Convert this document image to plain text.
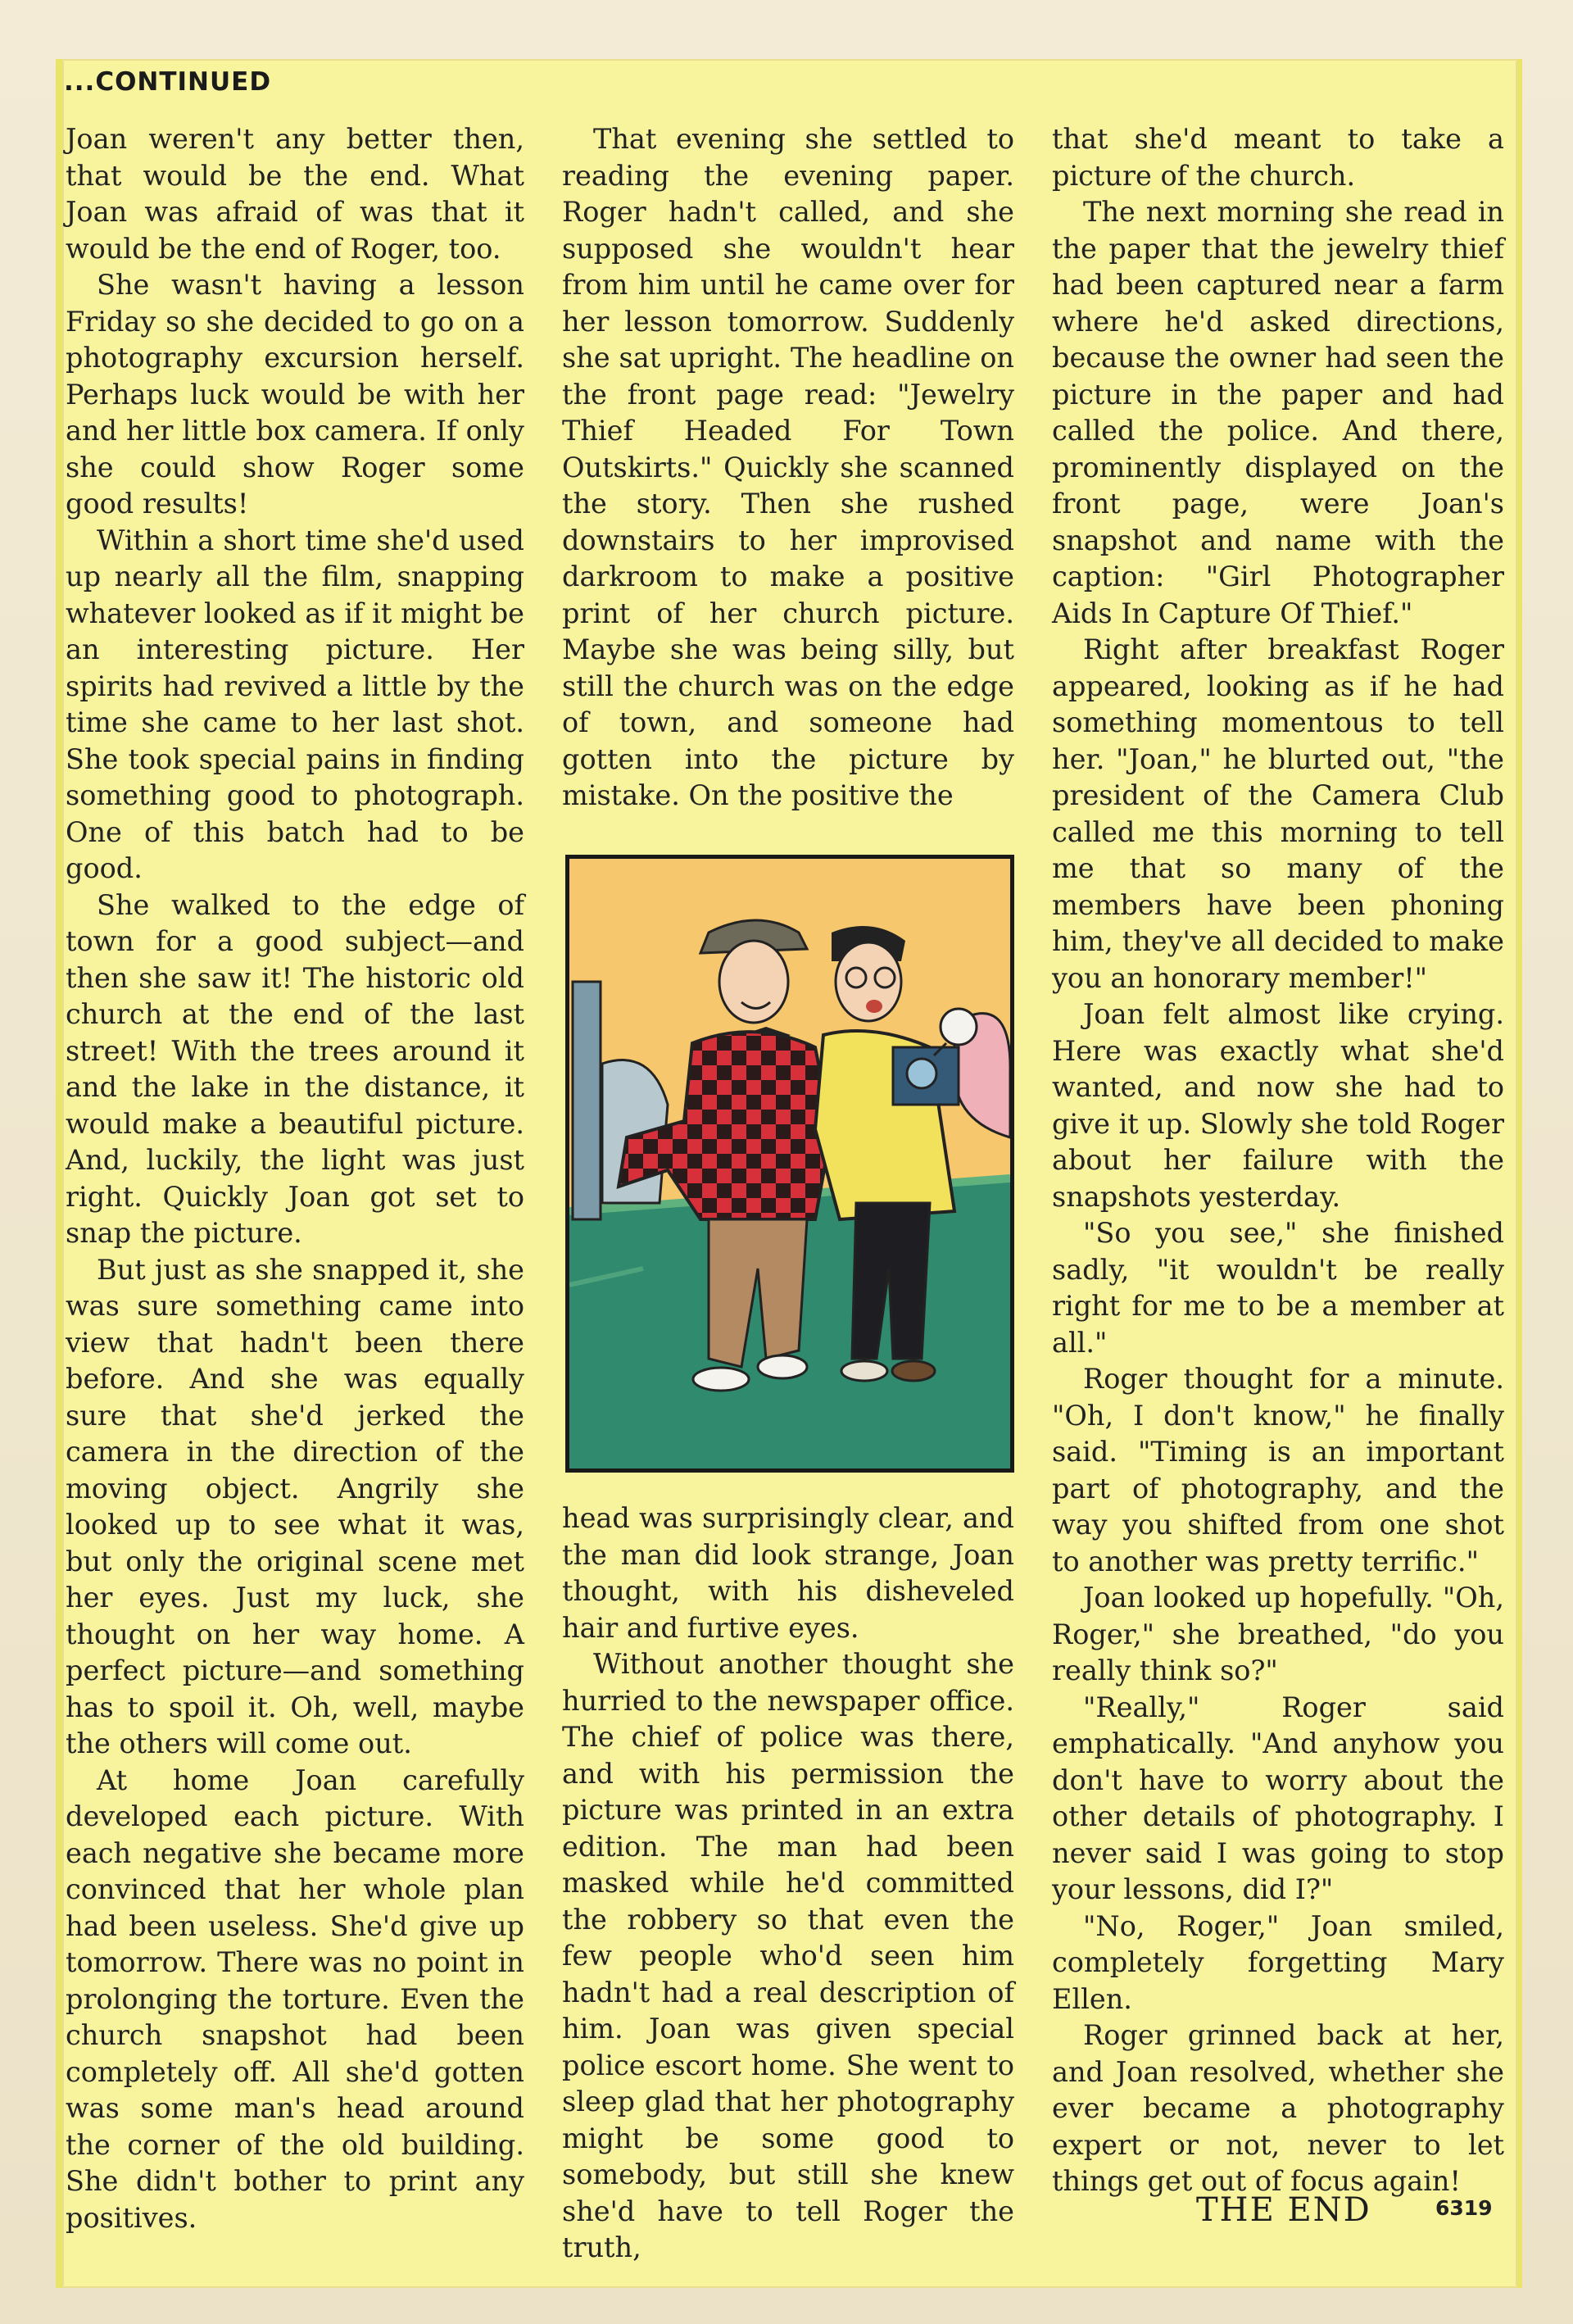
...CONTINUED

Joan weren't any better then, that would be the end. What Joan was afraid of was that it would be the end of Roger, too.

She wasn't having a lesson Friday so she decided to go on a photography excursion herself. Perhaps luck would be with her and her little box camera. If only she could show Roger some good results!

Within a short time she'd used up nearly all the film, snapping whatever looked as if it might be an interesting picture. Her spirits had revived a little by the time she came to her last shot. She took special pains in finding something good to photograph. One of this batch had to be good.

She walked to the edge of town for a good subject—and then she saw it! The historic old church at the end of the last street! With the trees around it and the lake in the distance, it would make a beautiful picture. And, luckily, the light was just right. Quickly Joan got set to snap the picture.

But just as she snapped it, she was sure something came into view that hadn't been there before. And she was equally sure that she'd jerked the camera in the direction of the moving object. Angrily she looked up to see what it was, but only the original scene met her eyes. Just my luck, she thought on her way home. A perfect picture—and something has to spoil it. Oh, well, maybe the others will come out.

At home Joan carefully developed each picture. With each negative she became more convinced that her whole plan had been useless. She'd give up tomorrow. There was no point in prolonging the torture. Even the church snapshot had been completely off. All she'd gotten was some man's head around the corner of the old building. She didn't bother to print any positives.

That evening she settled to reading the evening paper. Roger hadn't called, and she supposed she wouldn't hear from him until he came over for her lesson tomorrow. Suddenly she sat upright. The headline on the front page read: "Jewelry Thief Headed For Town Outskirts." Quickly she scanned the story. Then she rushed downstairs to her improvised darkroom to make a positive print of her church picture. Maybe she was being silly, but still the church was on the edge of town, and someone had gotten into the picture by mistake. On the positive the

head was surprisingly clear, and the man did look strange, Joan thought, with his disheveled hair and furtive eyes.

Without another thought she hurried to the newspaper office. The chief of police was there, and with his permission the picture was printed in an extra edition. The man had been masked while he'd committed the robbery so that even the few people who'd seen him hadn't had a real description of him. Joan was given special police escort home. She went to sleep glad that her photography might be some good to somebody, but still she knew she'd have to tell Roger the truth,

that she'd meant to take a picture of the church.

The next morning she read in the paper that the jewelry thief had been captured near a farm where he'd asked directions, because the owner had seen the picture in the paper and had called the police. And there, prominently displayed on the front page, were Joan's snapshot and name with the caption: "Girl Photographer Aids In Capture Of Thief."

Right after breakfast Roger appeared, looking as if he had something momentous to tell her. "Joan," he blurted out, "the president of the Camera Club called me this morning to tell me that so many of the members have been phoning him, they've all decided to make you an honorary member!"

Joan felt almost like crying. Here was exactly what she'd wanted, and now she had to give it up. Slowly she told Roger about her failure with the snapshots yesterday.

"So you see," she finished sadly, "it wouldn't be really right for me to be a member at all."

Roger thought for a minute. "Oh, I don't know," he finally said. "Timing is an important part of photography, and the way you shifted from one shot to another was pretty terrific."

Joan looked up hopefully. "Oh, Roger," she breathed, "do you really think so?"

"Really," Roger said emphatically. "And anyhow you don't have to worry about the other details of photography. I never said I was going to stop your lessons, did I?"

"No, Roger," Joan smiled, completely forgetting Mary Ellen.

Roger grinned back at her, and Joan resolved, whether she ever became a photography expert or not, never to let things get out of focus again!

THE END	6319
